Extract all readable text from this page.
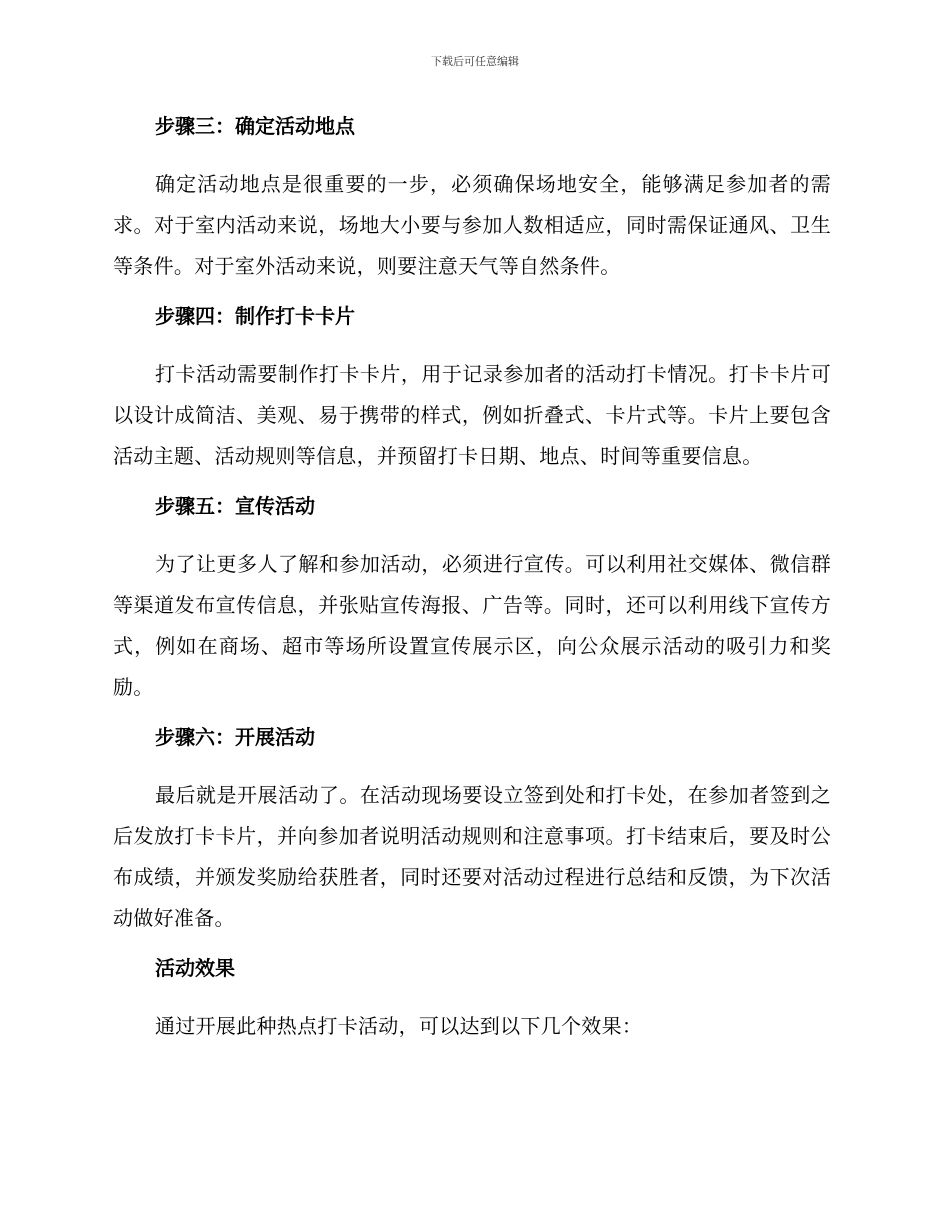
下载后可任意编辑
步骤三：确定活动地点

确定活动地点是很重要的一步，必须确保场地安全，能够满足参加者的需求。对于室内活动来说，场地大小要与参加人数相适应，同时需保证通风、卫生等条件。对于室外活动来说，则要注意天气等自然条件。

步骤四：制作打卡卡片

打卡活动需要制作打卡卡片，用于记录参加者的活动打卡情况。打卡卡片可以设计成简洁、美观、易于携带的样式，例如折叠式、卡片式等。卡片上要包含活动主题、活动规则等信息，并预留打卡日期、地点、时间等重要信息。

步骤五：宣传活动

为了让更多人了解和参加活动，必须进行宣传。可以利用社交媒体、微信群等渠道发布宣传信息，并张贴宣传海报、广告等。同时，还可以利用线下宣传方式，例如在商场、超市等场所设置宣传展示区，向公众展示活动的吸引力和奖励。

步骤六：开展活动

最后就是开展活动了。在活动现场要设立签到处和打卡处，在参加者签到之后发放打卡卡片，并向参加者说明活动规则和注意事项。打卡结束后，要及时公布成绩，并颁发奖励给获胜者，同时还要对活动过程进行总结和反馈，为下次活动做好准备。

活动效果

通过开展此种热点打卡活动，可以达到以下几个效果：
